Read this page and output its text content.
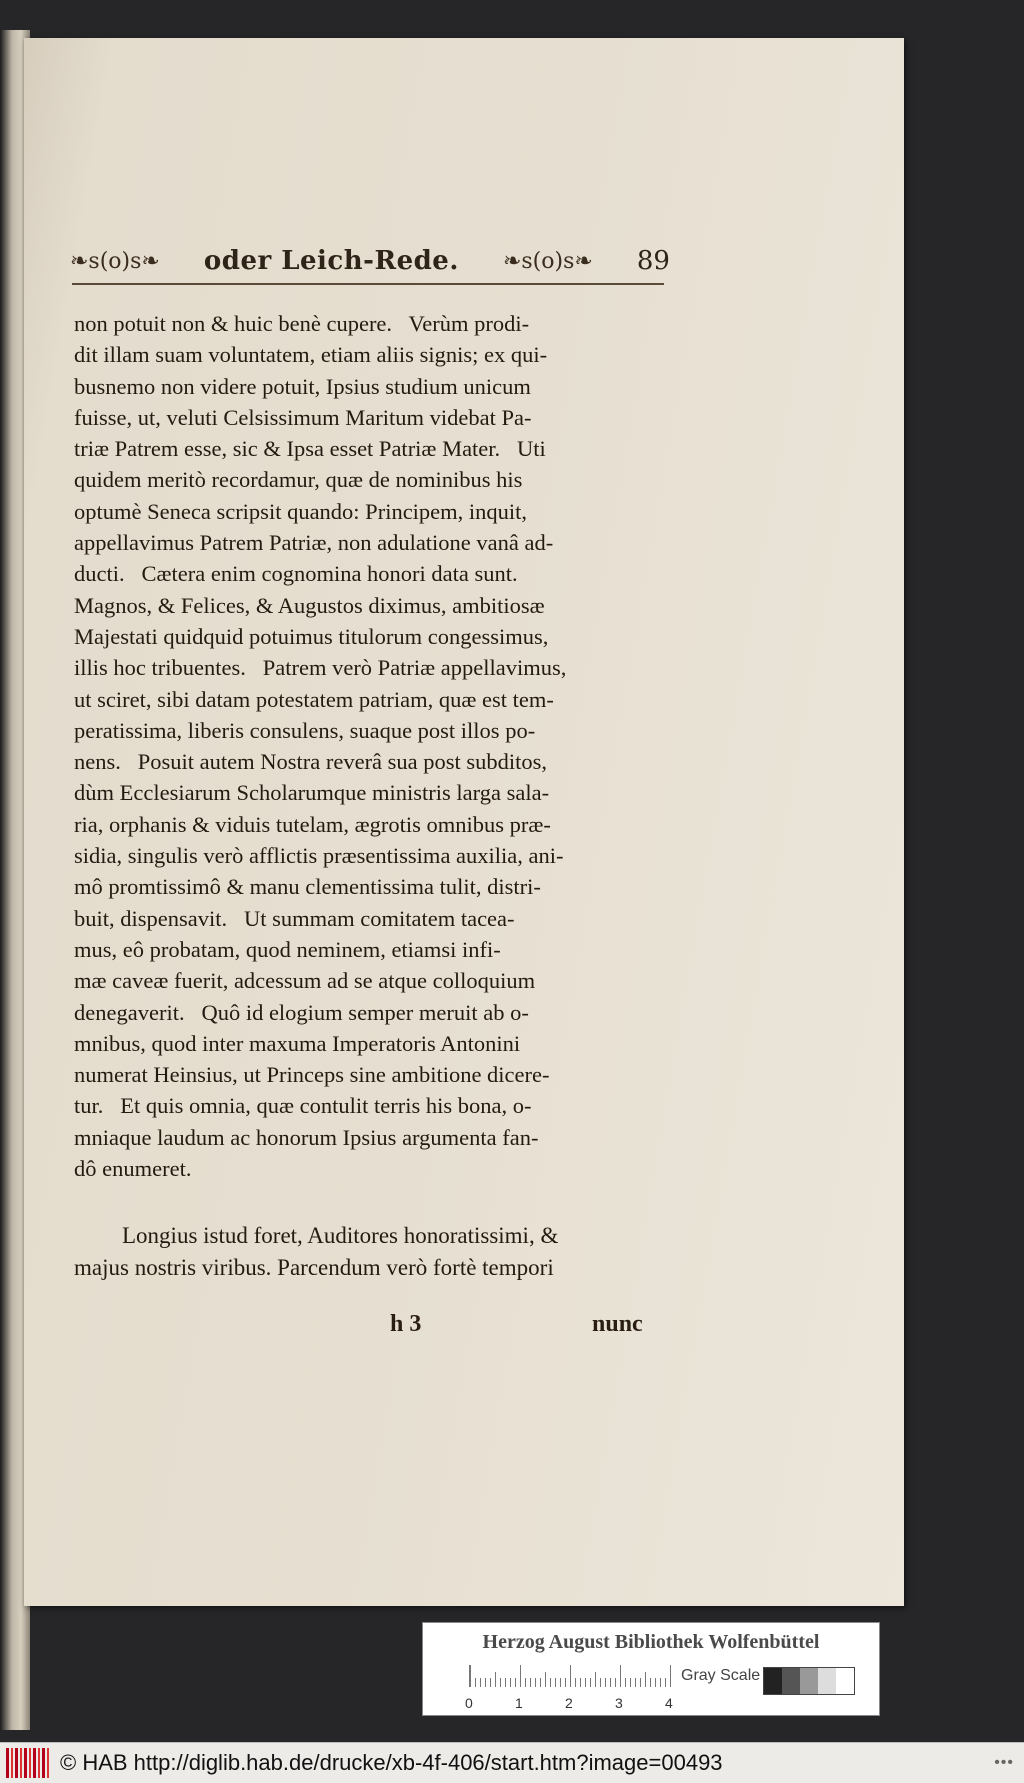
❧s(o)s❧ oder Leich-Rede. ❧s(o)s❧ 89
non potuit non & huic benè cupere.   Verùm prodi-
dit illam suam voluntatem, etiam aliis signis; ex qui-
busnemo non videre potuit, Ipsius studium unicum
fuisse, ut, veluti Celsissimum Maritum videbat Pa-
triæ Patrem esse, sic & Ipsa esset Patriæ Mater.   Uti
quidem meritò recordamur, quæ de nominibus his
optumè Seneca scripsit quando: Principem, inquit,
appellavimus Patrem Patriæ, non adulatione vanâ ad-
ducti.   Cætera enim cognomina honori data sunt.
Magnos, & Felices, & Augustos diximus, ambitiosæ
Majestati quidquid potuimus titulorum congessimus,
illis hoc tribuentes.   Patrem verò Patriæ appellavimus,
ut sciret, sibi datam potestatem patriam, quæ est tem-
peratissima, liberis consulens, suaque post illos po-
nens.   Posuit autem Nostra reverâ sua post subditos,
dùm Ecclesiarum Scholarumque ministris larga sala-
ria, orphanis & viduis tutelam, ægrotis omnibus præ-
sidia, singulis verò afflictis præsentissima auxilia, ani-
mô promtissimô & manu clementissima tulit, distri-
buit, dispensavit.   Ut summam comitatem tacea-
mus, eô probatam, quod neminem, etiamsi infi-
mæ caveæ fuerit, adcessum ad se atque colloquium
denegaverit.   Quô id elogium semper meruit ab o-
mnibus, quod inter maxuma Imperatoris Antonini
numerat Heinsius, ut Princeps sine ambitione dicere-
tur.   Et quis omnia, quæ contulit terris his bona, o-
mniaque laudum ac honorum Ipsius argumenta fan-
dô enumeret.
Longius istud foret, Auditores honoratissimi, &
majus nostris viribus. Parcendum verò fortè tempori
h 3	nunc
Herzog August Bibliothek Wolfenbüttel
0	1	2	3	4
Gray Scale
© HAB http://diglib.hab.de/drucke/xb-4f-406/start.htm?image=00493	•••
